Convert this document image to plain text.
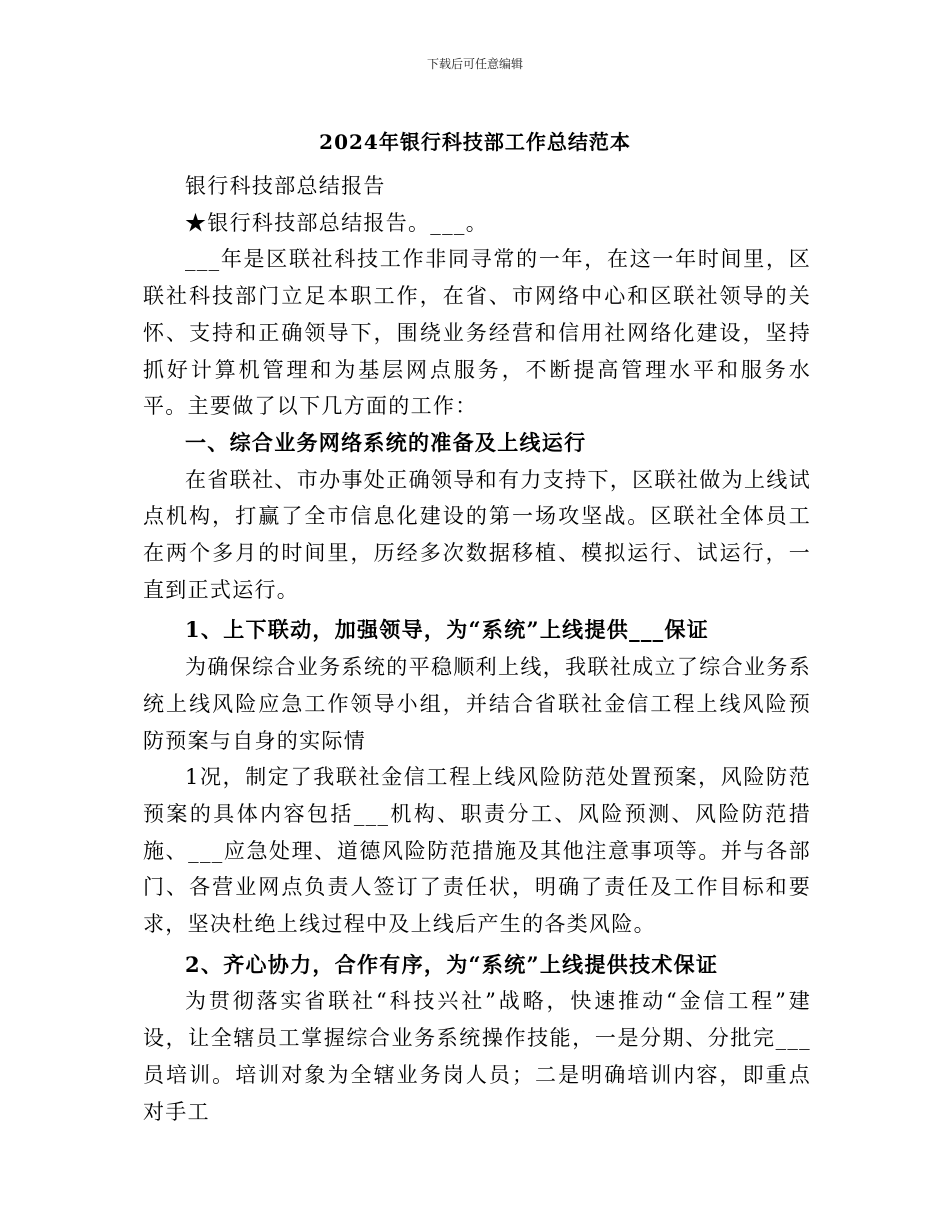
下载后可任意编辑
2024年银行科技部工作总结范本

银行科技部总结报告

★银行科技部总结报告。___。

___年是区联社科技工作非同寻常的一年，在这一年时间里，区联社科技部门立足本职工作，在省、市网络中心和区联社领导的关怀、支持和正确领导下，围绕业务经营和信用社网络化建设，坚持抓好计算机管理和为基层网点服务，不断提高管理水平和服务水平。主要做了以下几方面的工作：

一、综合业务网络系统的准备及上线运行

在省联社、市办事处正确领导和有力支持下，区联社做为上线试点机构，打赢了全市信息化建设的第一场攻坚战。区联社全体员工在两个多月的时间里，历经多次数据移植、模拟运行、试运行，一直到正式运行。

1、上下联动，加强领导，为“系统”上线提供___保证

为确保综合业务系统的平稳顺利上线，我联社成立了综合业务系统上线风险应急工作领导小组，并结合省联社金信工程上线风险预防预案与自身的实际情

1况，制定了我联社金信工程上线风险防范处置预案，风险防范预案的具体内容包括___机构、职责分工、风险预测、风险防范措施、___应急处理、道德风险防范措施及其他注意事项等。并与各部门、各营业网点负责人签订了责任状，明确了责任及工作目标和要求，坚决杜绝上线过程中及上线后产生的各类风险。

2、齐心协力，合作有序，为“系统”上线提供技术保证

为贯彻落实省联社“科技兴社”战略，快速推动“金信工程”建设，让全辖员工掌握综合业务系统操作技能，一是分期、分批完___员培训。培训对象为全辖业务岗人员；二是明确培训内容，即重点对手工
